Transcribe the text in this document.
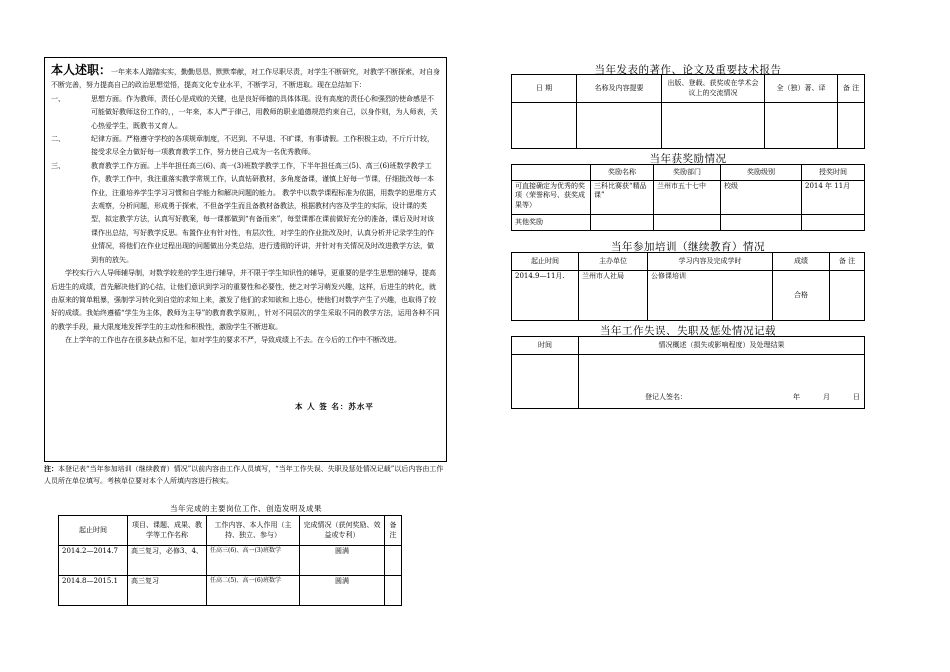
本人述职：一年来本人踏踏实实，勤勤恳恳，默默奉献，对工作尽职尽责，对学生不断研究，对教学不断探索，对自身不断完善，努力提高自己的政治思想觉悟，提高文化专业水平，不断学习，不断进取。现在总结如下：

一、	思想方面。作为教师，责任心是成败的关键，也是良好师德的具体体现。没有高度的责任心和强烈的使命感是不可能做好教师这份工作的，，一年来，本人严于律己，用教师的职业道德规范约束自己，以身作则，为人师表，关心热爱学生，既教书又育人。
二、	纪律方面。严格遵守学校的各项规章制度，不迟到、不早退、不旷课，有事请假。工作积极主动，不斤斤计较，接受求尽全力做好每一项教育教学工作，努力使自己成为一名优秀教师。
三、	教育教学工作方面。上半年担任高三(6)、高一(3)班数学教学工作，下半年担任高三(5)、高三(6)班数学教学工作，教学工作中，我注重落实教学常规工作，认真钻研教材，多角度备课，谨慎上好每一节课，仔细批改每一本作业，注重培养学生学习习惯和自学能力和解决问题的能力。 教学中以数学课程标准为依据，用数学的思维方式去观察，分析问题，形成勇于探索，不但备学生而且备教材备教法，根据教材内容及学生的实际，设计课的类型，拟定教学方法，认真写好教案，每一课都做到“有备而来”，每堂课都在课前做好充分的准备，课后及时对该课作出总结，写好教学反思。布置作业有针对性，有层次性，对学生的作业批改及时，认真分析并记录学生的作业情况，将他们在作业过程出现的问题做出分类总结，进行透彻的评讲，并针对有关情况及时改进教学方法，做到有的放矢。

学校实行六人导师辅导制，对数学较差的学生进行辅导，并不限于学生知识性的辅导，更重要的是学生思想的辅导，提高后进生的成绩，首先解决他们的心结，让他们意识到学习的重要性和必要性，使之对学习萌发兴趣，这样，后进生的转化，就由原来的简单粗暴，强制学习转化到自觉的求知上来，激发了他们的求知欲和上进心，使他们对数学产生了兴趣，也取得了较好的成绩。我始终遵循“学生为主体，教师为主导”的教育教学原则，，针对不同层次的学生采取不同的教学方法，运用各种不同的教学手段，最大限度地发挥学生的主动性和积极性，激励学生不断进取。

在上学年的工作也存在很多缺点和不足，如对学生的要求不严，导致成绩上不去。在今后的工作中不断改进。

本 人 签 名：苏水平
注：本登记表“当年参加培训（继续教育）情况”以前内容由工作人员填写，“当年工作失误、失职及惩处情况记载”以后内容由工作人员所在单位填写。考核单位要对本个人所填内容进行核实。
当年完成的主要岗位工作、创造发明及成果
起止时间	项目、课题、成果、教学等工作名称	工作内容、本人作用（主持、独立、参与）	完成情况（获何奖励、效益或专利）	备 注
2014.2—2014.7	高三复习，必修3、4、	任高三(6)、高一(3)班数学	圆满	
2014.8—2015.1	高三复习	任高二(5)、高一(6)班数学	圆满	
当年发表的著作、论文及重要技术报告
日 期	名称及内容提要	出版、登载、获奖或在学术会议上的交流情况	全（独）著、译	备 注

当年获奖励情况
	奖励名称	奖励部门	奖励级别	授奖时间
可直接确定为优秀的奖项（荣誉称号、获奖成果等）	三科比赛获“精品课”	兰州市五十七中	校级	2014 年 11月
其他奖励				
当年参加培训（继续教育）情况
起止时间	主办单位	学习内容及完成学时	成绩	备 注
2014.9—11月.	兰州市人社局	公修课培训	合格	
当年工作失误、失职及惩处情况记载
时间	情况概述（损失或影响程度）及处理结果

	登记人签名： 年 月 日
